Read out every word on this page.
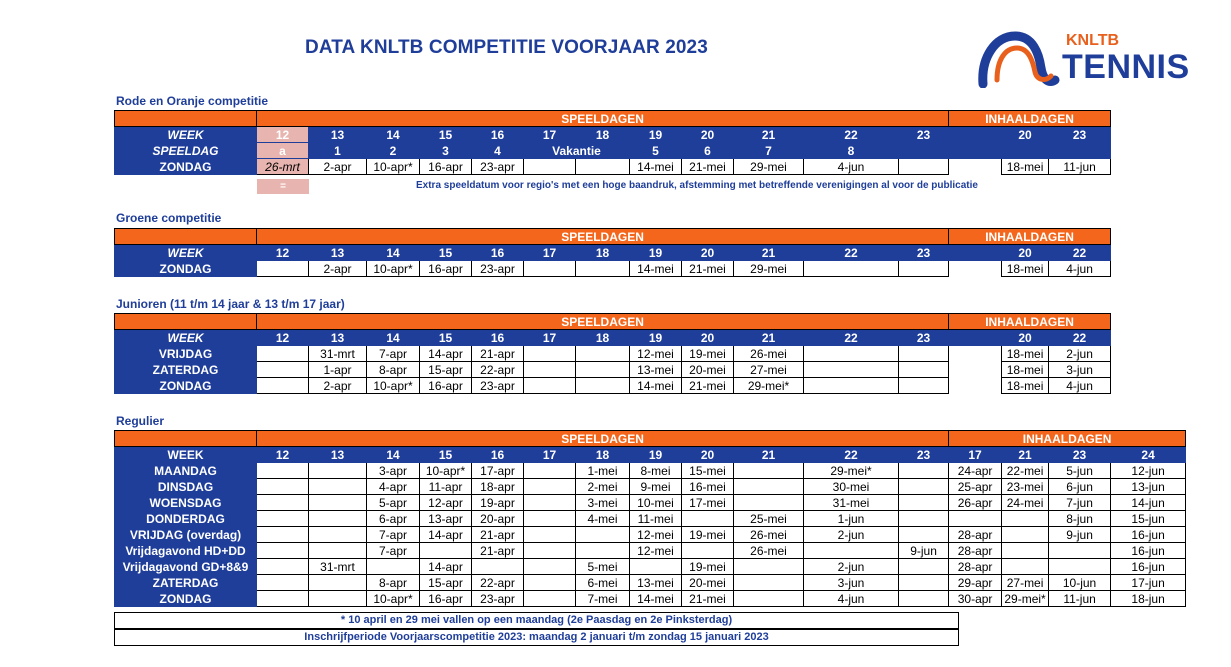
DATA KNLTB COMPETITIE VOORJAAR 2023	KNLTB
TENNIS
Rode en Oranje competitie
	SPEELDAGEN												INHAALDAGEN		
WEEK	12	13	14	15	16	17	18	19	20	21	22	23		20	23
SPEELDAG	a	1	2	3	4	Vakantie		5	6	7	8				
ZONDAG	26-mrt	2-apr	10-apr*	16-apr	23-apr			14-mei	21-mei	29-mei	4-jun			18-mei	11-jun
=	Extra speeldatum voor regio's met een hoge baandruk, afstemming met betreffende verenigingen al voor de publicatie
Groene competitie
	SPEELDAGEN												INHAALDAGEN		
WEEK	12	13	14	15	16	17	18	19	20	21	22	23		20	22
ZONDAG		2-apr	10-apr*	16-apr	23-apr			14-mei	21-mei	29-mei				18-mei	4-jun
Junioren (11 t/m 14 jaar & 13 t/m 17 jaar)
	SPEELDAGEN												INHAALDAGEN		
WEEK	12	13	14	15	16	17	18	19	20	21	22	23		20	22
VRIJDAG		31-mrt	7-apr	14-apr	21-apr			12-mei	19-mei	26-mei				18-mei	2-jun
ZATERDAG		1-apr	8-apr	15-apr	22-apr			13-mei	20-mei	27-mei				18-mei	3-jun
ZONDAG		2-apr	10-apr*	16-apr	23-apr			14-mei	21-mei	29-mei*				18-mei	4-jun
Regulier
	SPEELDAGEN												INHAALDAGEN			
WEEK	12	13	14	15	16	17	18	19	20	21	22	23	17	21	23	24
MAANDAG			3-apr	10-apr*	17-apr		1-mei	8-mei	15-mei		29-mei*		24-apr	22-mei	5-jun	12-jun
DINSDAG			4-apr	11-apr	18-apr		2-mei	9-mei	16-mei		30-mei		25-apr	23-mei	6-jun	13-jun
WOENSDAG			5-apr	12-apr	19-apr		3-mei	10-mei	17-mei		31-mei		26-apr	24-mei	7-jun	14-jun
DONDERDAG			6-apr	13-apr	20-apr		4-mei	11-mei		25-mei	1-jun				8-jun	15-jun
VRIJDAG (overdag)			7-apr	14-apr	21-apr			12-mei	19-mei	26-mei	2-jun		28-apr		9-jun	16-jun
Vrijdagavond HD+DD			7-apr		21-apr			12-mei		26-mei		9-jun	28-apr			16-jun
Vrijdagavond GD+8&9		31-mrt		14-apr			5-mei		19-mei		2-jun		28-apr			16-jun
ZATERDAG			8-apr	15-apr	22-apr		6-mei	13-mei	20-mei		3-jun		29-apr	27-mei	10-jun	17-jun
ZONDAG			10-apr*	16-apr	23-apr		7-mei	14-mei	21-mei		4-jun		30-apr	29-mei*	11-jun	18-jun
* 10 april en 29 mei vallen op een maandag (2e Paasdag en 2e Pinksterdag)
Inschrijfperiode Voorjaarscompetitie 2023: maandag 2 januari t/m zondag 15 januari 2023
